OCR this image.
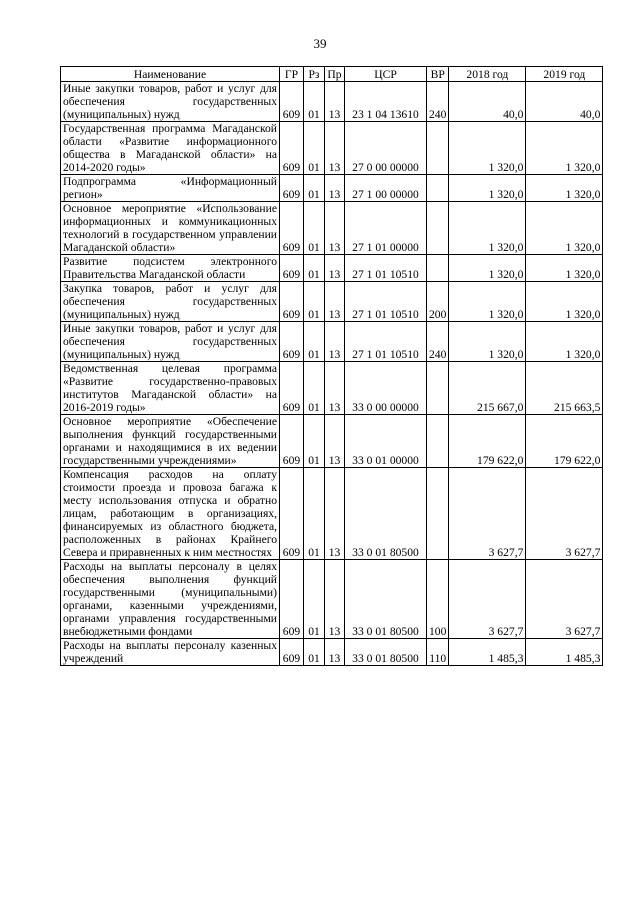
39
Наименование	ГР	Рз	Пр	ЦСР	ВР	2018 год	2019 год
Иные закупки товаров, работ и услуг для обеспечения государственных (муниципальных) нужд	609	01	13	23 1 04 13610	240	40,0	40,0
Государственная программа Магаданской области «Развитие информационного общества в Магаданской области» на 2014-2020 годы»	609	01	13	27 0 00 00000		1 320,0	1 320,0
Подпрограмма «Информационный регион»	609	01	13	27 1 00 00000		1 320,0	1 320,0
Основное мероприятие «Использование информационных и коммуникационных технологий в государственном управлении Магаданской области»	609	01	13	27 1 01 00000		1 320,0	1 320,0
Развитие подсистем электронного Правительства Магаданской области	609	01	13	27 1 01 10510		1 320,0	1 320,0
Закупка товаров, работ и услуг для обеспечения государственных (муниципальных) нужд	609	01	13	27 1 01 10510	200	1 320,0	1 320,0
Иные закупки товаров, работ и услуг для обеспечения государственных (муниципальных) нужд	609	01	13	27 1 01 10510	240	1 320,0	1 320,0
Ведомственная целевая программа «Развитие государственно-правовых институтов Магаданской области» на 2016-2019 годы»	609	01	13	33 0 00 00000		215 667,0	215 663,5
Основное мероприятие «Обеспечение выполнения функций государственными органами и находящимися в их ведении государственными учреждениями»	609	01	13	33 0 01 00000		179 622,0	179 622,0
Компенсация расходов на оплату стоимости проезда и провоза багажа к месту использования отпуска и обратно лицам, работающим в организациях, финансируемых из областного бюджета, расположенных в районах Крайнего Севера и приравненных к ним местностях	609	01	13	33 0 01 80500		3 627,7	3 627,7
Расходы на выплаты персоналу в целях обеспечения выполнения функций государственными (муниципальными) органами, казенными учреждениями, органами управления государственными внебюджетными фондами	609	01	13	33 0 01 80500	100	3 627,7	3 627,7
Расходы на выплаты персоналу казенных учреждений	609	01	13	33 0 01 80500	110	1 485,3	1 485,3
